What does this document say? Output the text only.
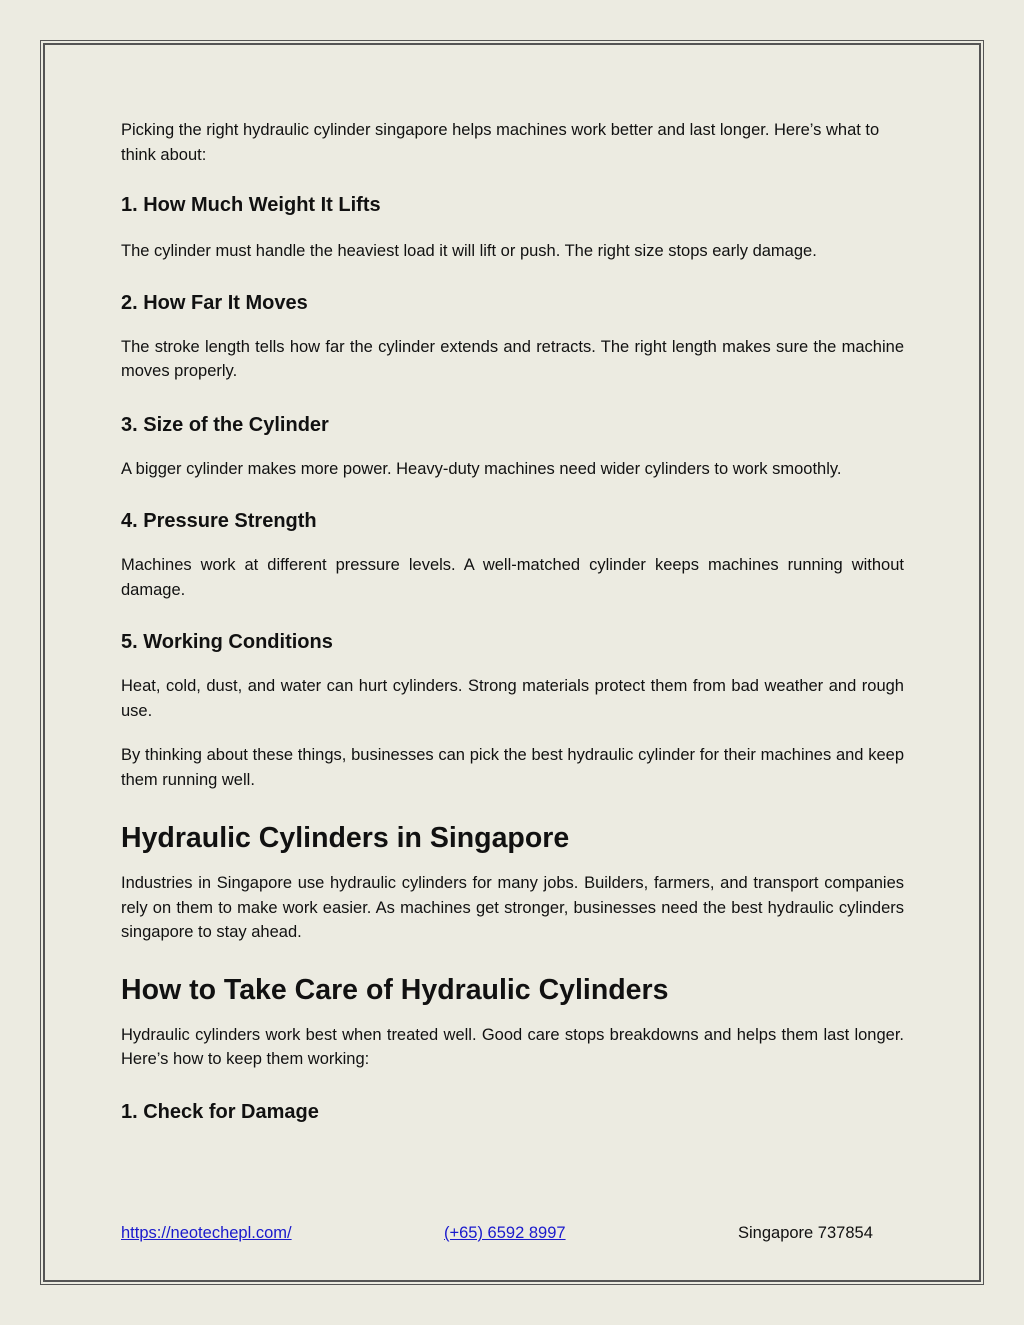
Picking the right hydraulic cylinder singapore helps machines work better and last longer. Here’s what to think about:

1. How Much Weight It Lifts

The cylinder must handle the heaviest load it will lift or push. The right size stops early damage.

2. How Far It Moves

The stroke length tells how far the cylinder extends and retracts. The right length makes sure the machine moves properly.

3. Size of the Cylinder

A bigger cylinder makes more power. Heavy-duty machines need wider cylinders to work smoothly.

4. Pressure Strength

Machines work at different pressure levels. A well-matched cylinder keeps machines running without damage.

5. Working Conditions

Heat, cold, dust, and water can hurt cylinders. Strong materials protect them from bad weather and rough use.

By thinking about these things, businesses can pick the best hydraulic cylinder for their machines and keep them running well.

Hydraulic Cylinders in Singapore

Industries in Singapore use hydraulic cylinders for many jobs. Builders, farmers, and transport companies rely on them to make work easier. As machines get stronger, businesses need the best hydraulic cylinders singapore to stay ahead.

How to Take Care of Hydraulic Cylinders

Hydraulic cylinders work best when treated well. Good care stops breakdowns and helps them last longer. Here’s how to keep them working:

1. Check for Damage
https://neotechepl.com/	(+65) 6592 8997	Singapore 737854
